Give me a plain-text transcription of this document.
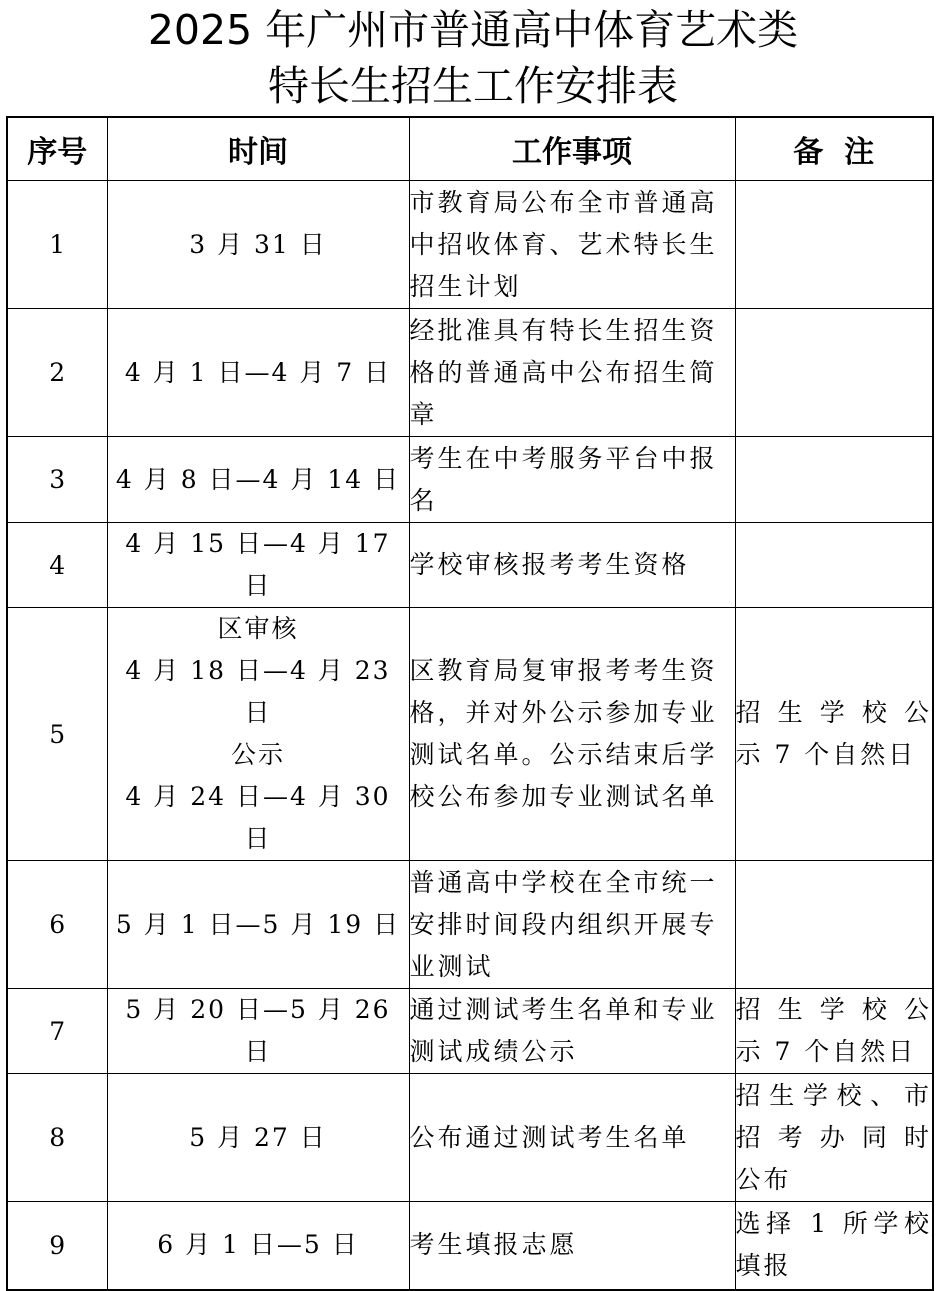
2025 年广州市普通高中体育艺术类
特长生招生工作安排表
序号	时间	工作事项	备  注
1	3 月 31 日	市教育局公布全市普通高中招收体育、艺术特长生招生计划	
2	4 月 1 日—4 月 7 日	经批准具有特长生招生资格的普通高中公布招生简章	
3	4 月 8 日—4 月 14 日	考生在中考服务平台中报名	
4	4 月 15 日—4 月 17 日	学校审核报考考生资格	
5	区审核
4 月 18 日—4 月 23 日
公示
4 月 24 日—4 月 30 日	区教育局复审报考考生资格，并对外公示参加专业测试名单。公示结束后学校公布参加专业测试名单	招生学校公
示 7 个自然日

6	5 月 1 日—5 月 19 日	普通高中学校在全市统一安排时间段内组织开展专业测试	
7	5 月 20 日—5 月 26 日	通过测试考生名单和专业测试成绩公示	招生学校公
示 7 个自然日

8	5 月 27 日	公布通过测试考生名单	招生学校、市
招考办同时
公布

9	6 月 1 日—5 日	考生填报志愿	选择 1 所学校
填报
